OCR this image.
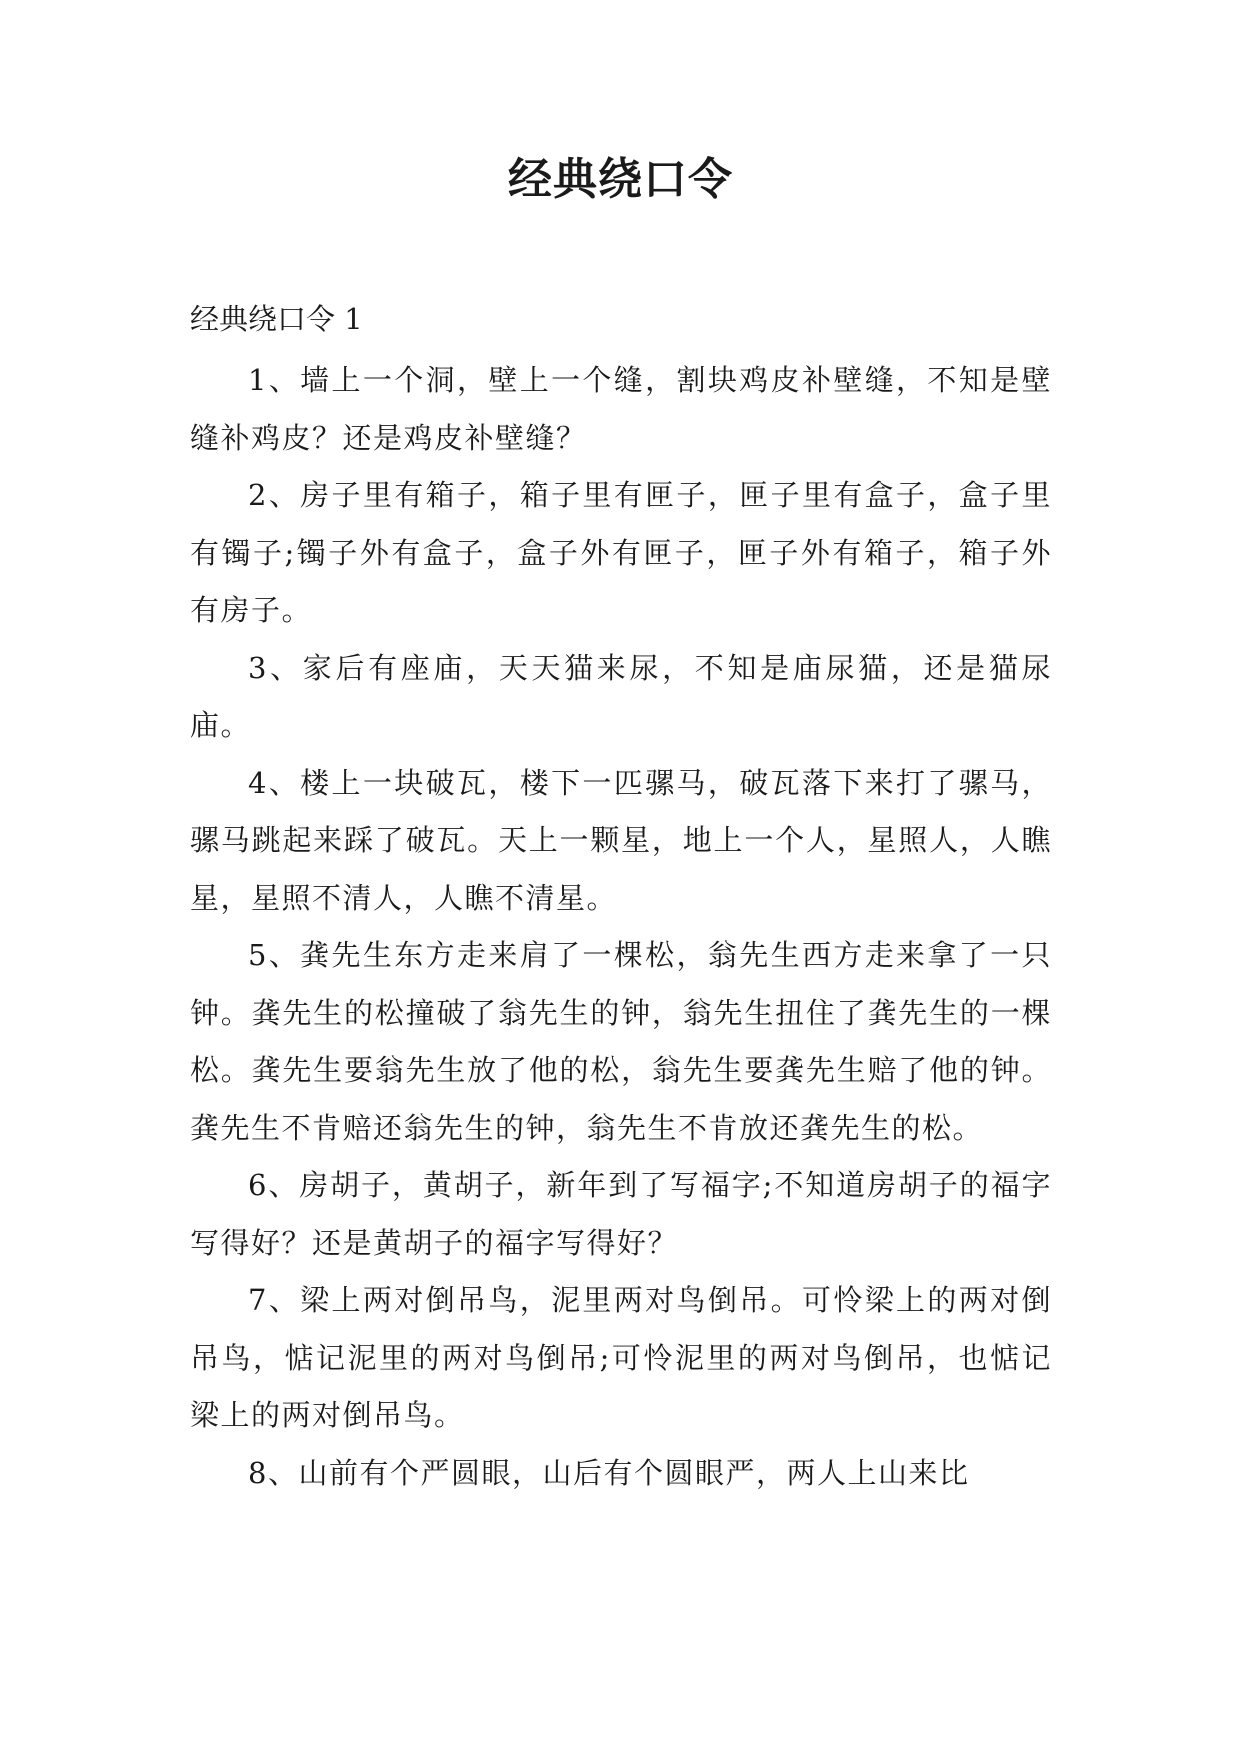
经典绕口令

经典绕口令 1

1、墙上一个洞，壁上一个缝，割块鸡皮补壁缝，不知是壁缝补鸡皮？还是鸡皮补壁缝？

2、房子里有箱子，箱子里有匣子，匣子里有盒子，盒子里有镯子;镯子外有盒子，盒子外有匣子，匣子外有箱子，箱子外有房子。

3、家后有座庙，天天猫来尿，不知是庙尿猫，还是猫尿庙。

4、楼上一块破瓦，楼下一匹骡马，破瓦落下来打了骡马，骡马跳起来踩了破瓦。天上一颗星，地上一个人，星照人，人瞧星，星照不清人，人瞧不清星。

5、龚先生东方走来肩了一棵松，翁先生西方走来拿了一只钟。龚先生的松撞破了翁先生的钟，翁先生扭住了龚先生的一棵松。龚先生要翁先生放了他的松，翁先生要龚先生赔了他的钟。龚先生不肯赔还翁先生的钟，翁先生不肯放还龚先生的松。

6、房胡子，黄胡子，新年到了写福字;不知道房胡子的福字写得好？还是黄胡子的福字写得好？

7、梁上两对倒吊鸟，泥里两对鸟倒吊。可怜梁上的两对倒吊鸟，惦记泥里的两对鸟倒吊;可怜泥里的两对鸟倒吊，也惦记梁上的两对倒吊鸟。

8、山前有个严圆眼，山后有个圆眼严，两人上山来比
